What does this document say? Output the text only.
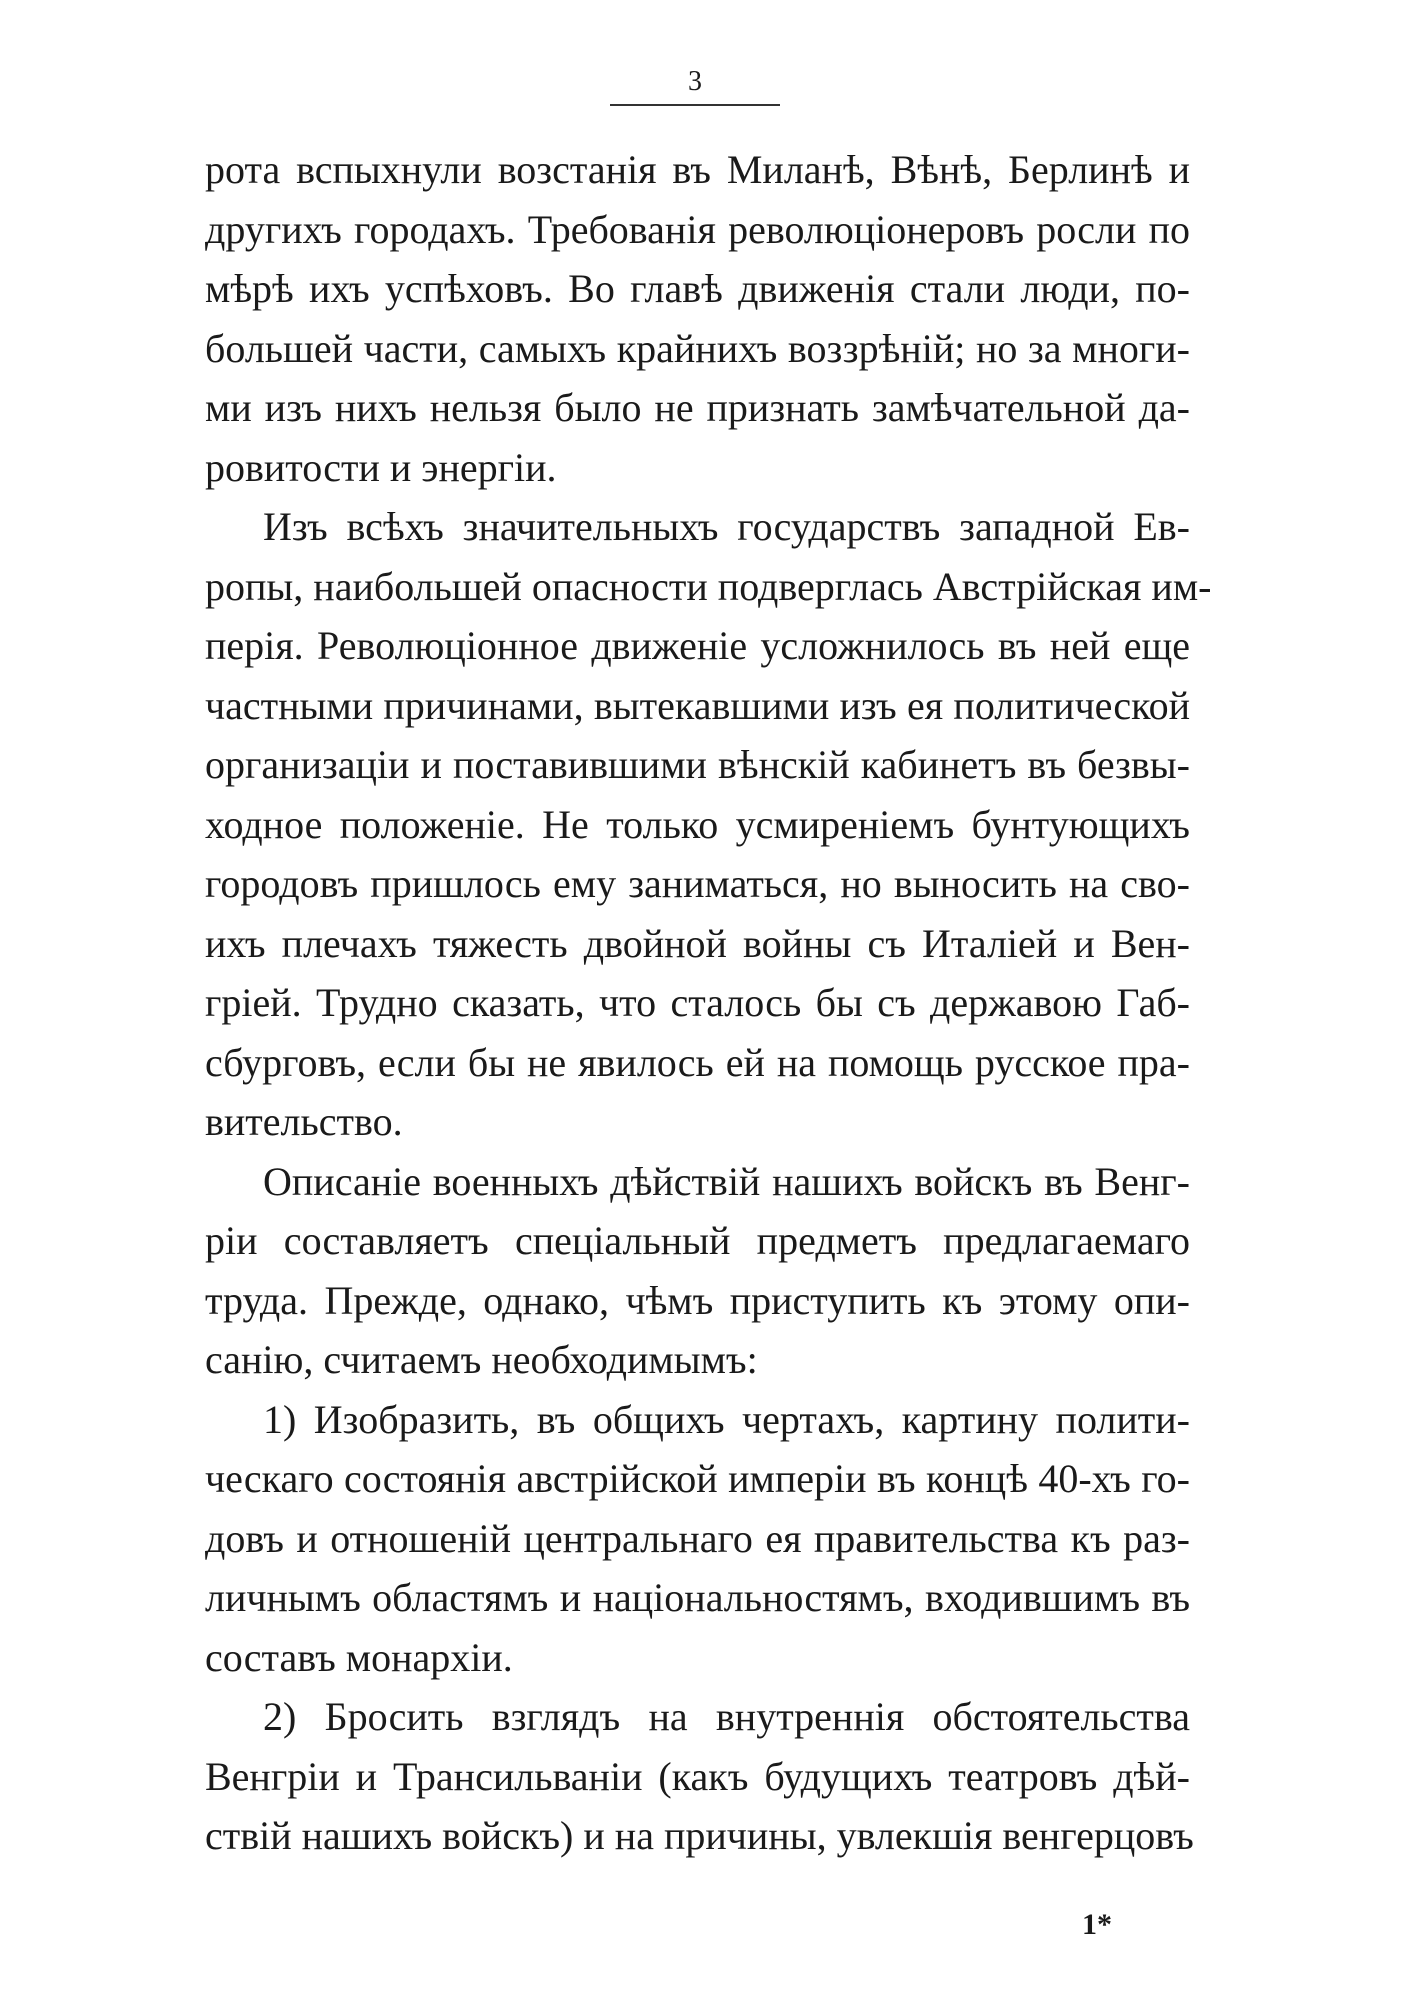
3
рота вспыхнули возстанія въ Миланѣ, Вѣнѣ, Берлинѣ и
другихъ городахъ. Требованія революціонеровъ росли по
мѣрѣ ихъ успѣховъ. Во главѣ движенія стали люди, по-
большей части, самыхъ крайнихъ воззрѣній; но за многи-
ми изъ нихъ нельзя было не признать замѣчательной да-
ровитости и энергіи.
Изъ всѣхъ значительныхъ государствъ западной Ев-
ропы, наибольшей опасности подверглась Австрійская им-
перія. Революціонное движеніе усложнилось въ ней еще
частными причинами, вытекавшими изъ ея политической
организаціи и поставившими вѣнскій кабинетъ въ безвы-
ходное положеніе. Не только усмиреніемъ бунтующихъ
городовъ пришлось ему заниматься, но выносить на сво-
ихъ плечахъ тяжесть двойной войны съ Италіей и Вен-
гріей. Трудно сказать, что сталось бы съ державою Габ-
сбурговъ, если бы не явилось ей на помощь русское пра-
вительство.
Описаніе военныхъ дѣйствій нашихъ войскъ въ Венг-
ріи составляетъ спеціальный предметъ предлагаемаго
труда. Прежде, однако, чѣмъ приступить къ этому опи-
санію, считаемъ необходимымъ:
1) Изобразить, въ общихъ чертахъ, картину полити-
ческаго состоянія австрійской имперіи въ концѣ 40-хъ го-
довъ и отношеній центральнаго ея правительства къ раз-
личнымъ областямъ и національностямъ, входившимъ въ
составъ монархіи.
2) Бросить взглядъ на внутреннія обстоятельства
Венгріи и Трансильваніи (какъ будущихъ театровъ дѣй-
ствій нашихъ войскъ) и на причины, увлекшія венгерцовъ
1*
